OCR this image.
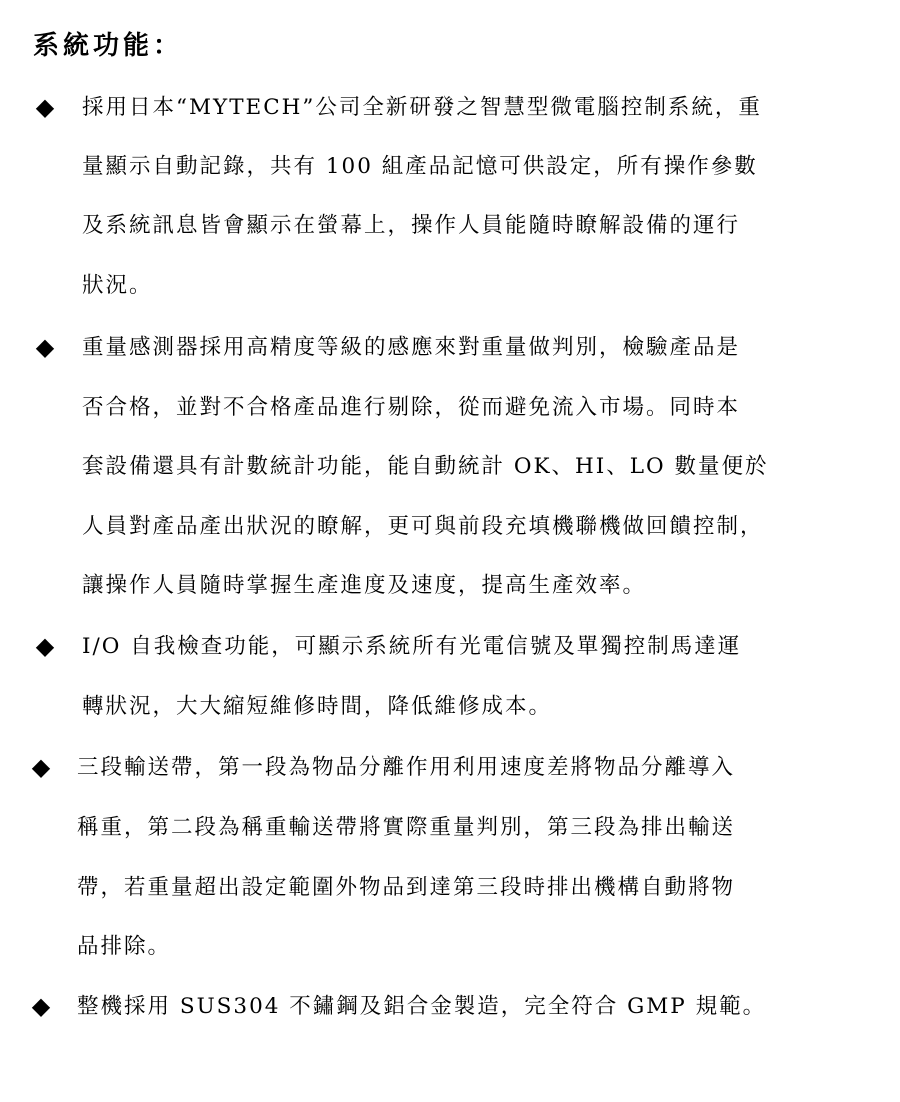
系統功能：
◆ 採用日本“MYTECH”公司全新研發之智慧型微電腦控制系統，重
量顯示自動記錄，共有 100 組產品記憶可供設定，所有操作參數
及系統訊息皆會顯示在螢幕上，操作人員能隨時瞭解設備的運行
狀況。
◆ 重量感測器採用高精度等級的感應來對重量做判別，檢驗產品是
否合格，並對不合格產品進行剔除，從而避免流入市場。同時本
套設備還具有計數統計功能，能自動統計 OK、HI、LO 數量便於
人員對產品產出狀況的瞭解，更可與前段充填機聯機做回饋控制，
讓操作人員隨時掌握生產進度及速度，提高生產效率。
◆ I/O 自我檢查功能，可顯示系統所有光電信號及單獨控制馬達運
轉狀況，大大縮短維修時間，降低維修成本。
◆ 三段輸送帶，第一段為物品分離作用利用速度差將物品分離導入
稱重，第二段為稱重輸送帶將實際重量判別，第三段為排出輸送
帶，若重量超出設定範圍外物品到達第三段時排出機構自動將物
品排除。
◆ 整機採用 SUS304 不鏽鋼及鋁合金製造，完全符合 GMP 規範。
